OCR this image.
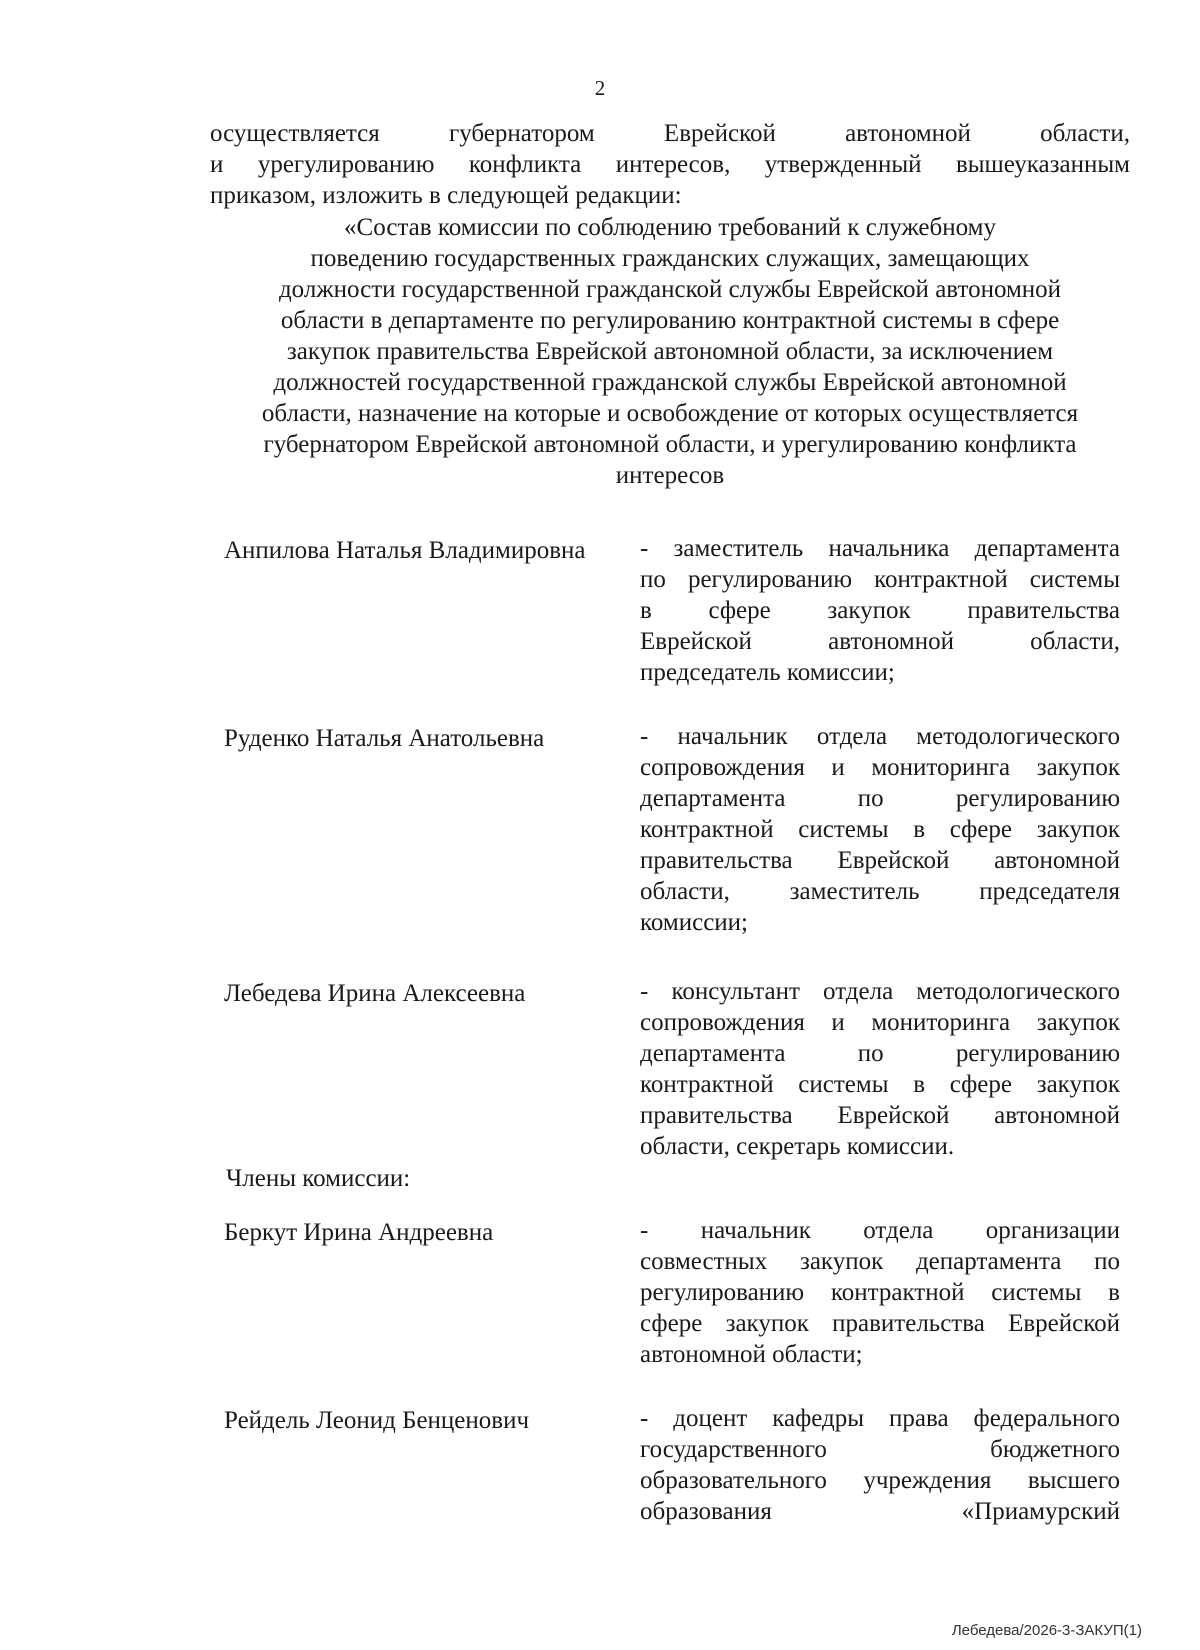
2

осуществляется губернатором Еврейской автономной области,

и урегулированию конфликта интересов, утвержденный вышеуказанным

приказом, изложить в следующей редакции:

«Состав комиссии по соблюдению требований к служебному
поведению государственных гражданских служащих, замещающих
должности государственной гражданской службы Еврейской автономной
области в департаменте по регулированию контрактной системы в сфере
закупок правительства Еврейской автономной области, за исключением
должностей государственной гражданской службы Еврейской автономной
области, назначение на которые и освобождение от которых осуществляется
губернатором Еврейской автономной области, и урегулированию конфликта
интересов
Анпилова Наталья Владимировна	- заместитель начальника департамента
по регулированию контрактной системы
в сфере закупок правительства
Еврейской автономной области,
председатель комиссии;
Руденко Наталья Анатольевна	- начальник отдела методологического
сопровождения и мониторинга закупок
департамента по регулированию
контрактной системы в сфере закупок
правительства Еврейской автономной
области, заместитель председателя
комиссии;
Лебедева Ирина Алексеевна	- консультант отдела методологического
сопровождения и мониторинга закупок
департамента по регулированию
контрактной системы в сфере закупок
правительства Еврейской автономной
области, секретарь комиссии.
Члены комиссии:
Беркут Ирина Андреевна	- начальник отдела организации
совместных закупок департамента по
регулированию контрактной системы в
сфере закупок правительства Еврейской
автономной области;
Рейдель Леонид Бенценович	- доцент кафедры права федерального
государственного бюджетного
образовательного учреждения высшего
образования «Приамурский
Лебедева/2026-3-ЗАКУП(1)
